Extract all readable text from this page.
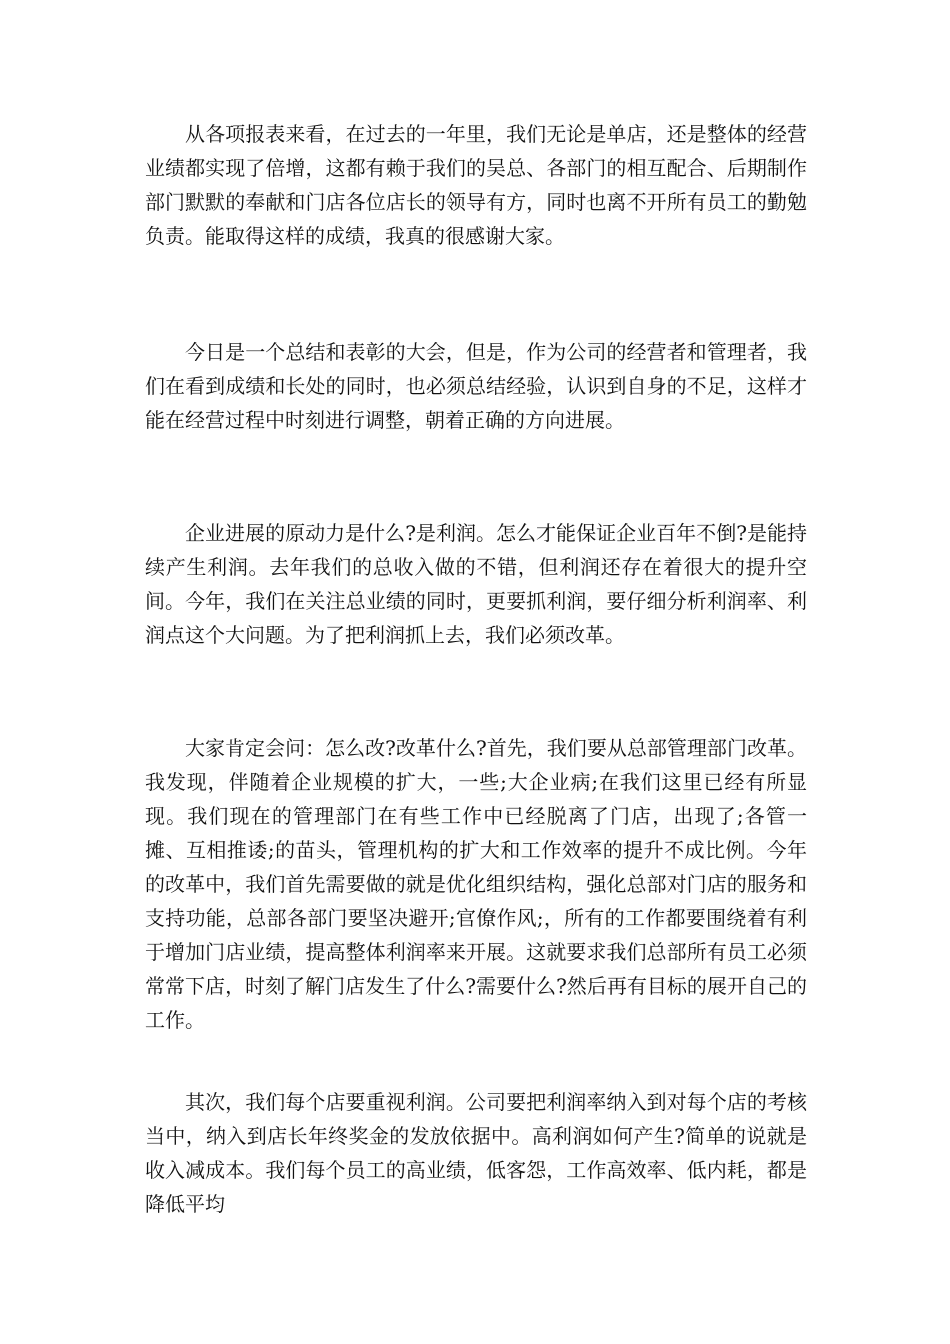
从各项报表来看，在过去的一年里，我们无论是单店，还是整体的经营业绩都实现了倍增，这都有赖于我们的吴总、各部门的相互配合、后期制作部门默默的奉献和门店各位店长的领导有方，同时也离不开所有员工的勤勉负责。能取得这样的成绩，我真的很感谢大家。

今日是一个总结和表彰的大会，但是，作为公司的经营者和管理者，我们在看到成绩和长处的同时，也必须总结经验，认识到自身的不足，这样才能在经营过程中时刻进行调整，朝着正确的方向进展。

企业进展的原动力是什么?是利润。怎么才能保证企业百年不倒?是能持续产生利润。去年我们的总收入做的不错，但利润还存在着很大的提升空间。今年，我们在关注总业绩的同时，更要抓利润，要仔细分析利润率、利润点这个大问题。为了把利润抓上去，我们必须改革。

大家肯定会问：怎么改?改革什么?首先，我们要从总部管理部门改革。我发现，伴随着企业规模的扩大，一些;大企业病;在我们这里已经有所显现。我们现在的管理部门在有些工作中已经脱离了门店，出现了;各管一摊、互相推诿;的苗头，管理机构的扩大和工作效率的提升不成比例。今年的改革中，我们首先需要做的就是优化组织结构，强化总部对门店的服务和支持功能，总部各部门要坚决避开;官僚作风;，所有的工作都要围绕着有利于增加门店业绩，提高整体利润率来开展。这就要求我们总部所有员工必须常常下店，时刻了解门店发生了什么?需要什么?然后再有目标的展开自己的工作。

其次，我们每个店要重视利润。公司要把利润率纳入到对每个店的考核当中，纳入到店长年终奖金的发放依据中。高利润如何产生?简单的说就是收入减成本。我们每个员工的高业绩，低客怨，工作高效率、低内耗，都是降低平均
